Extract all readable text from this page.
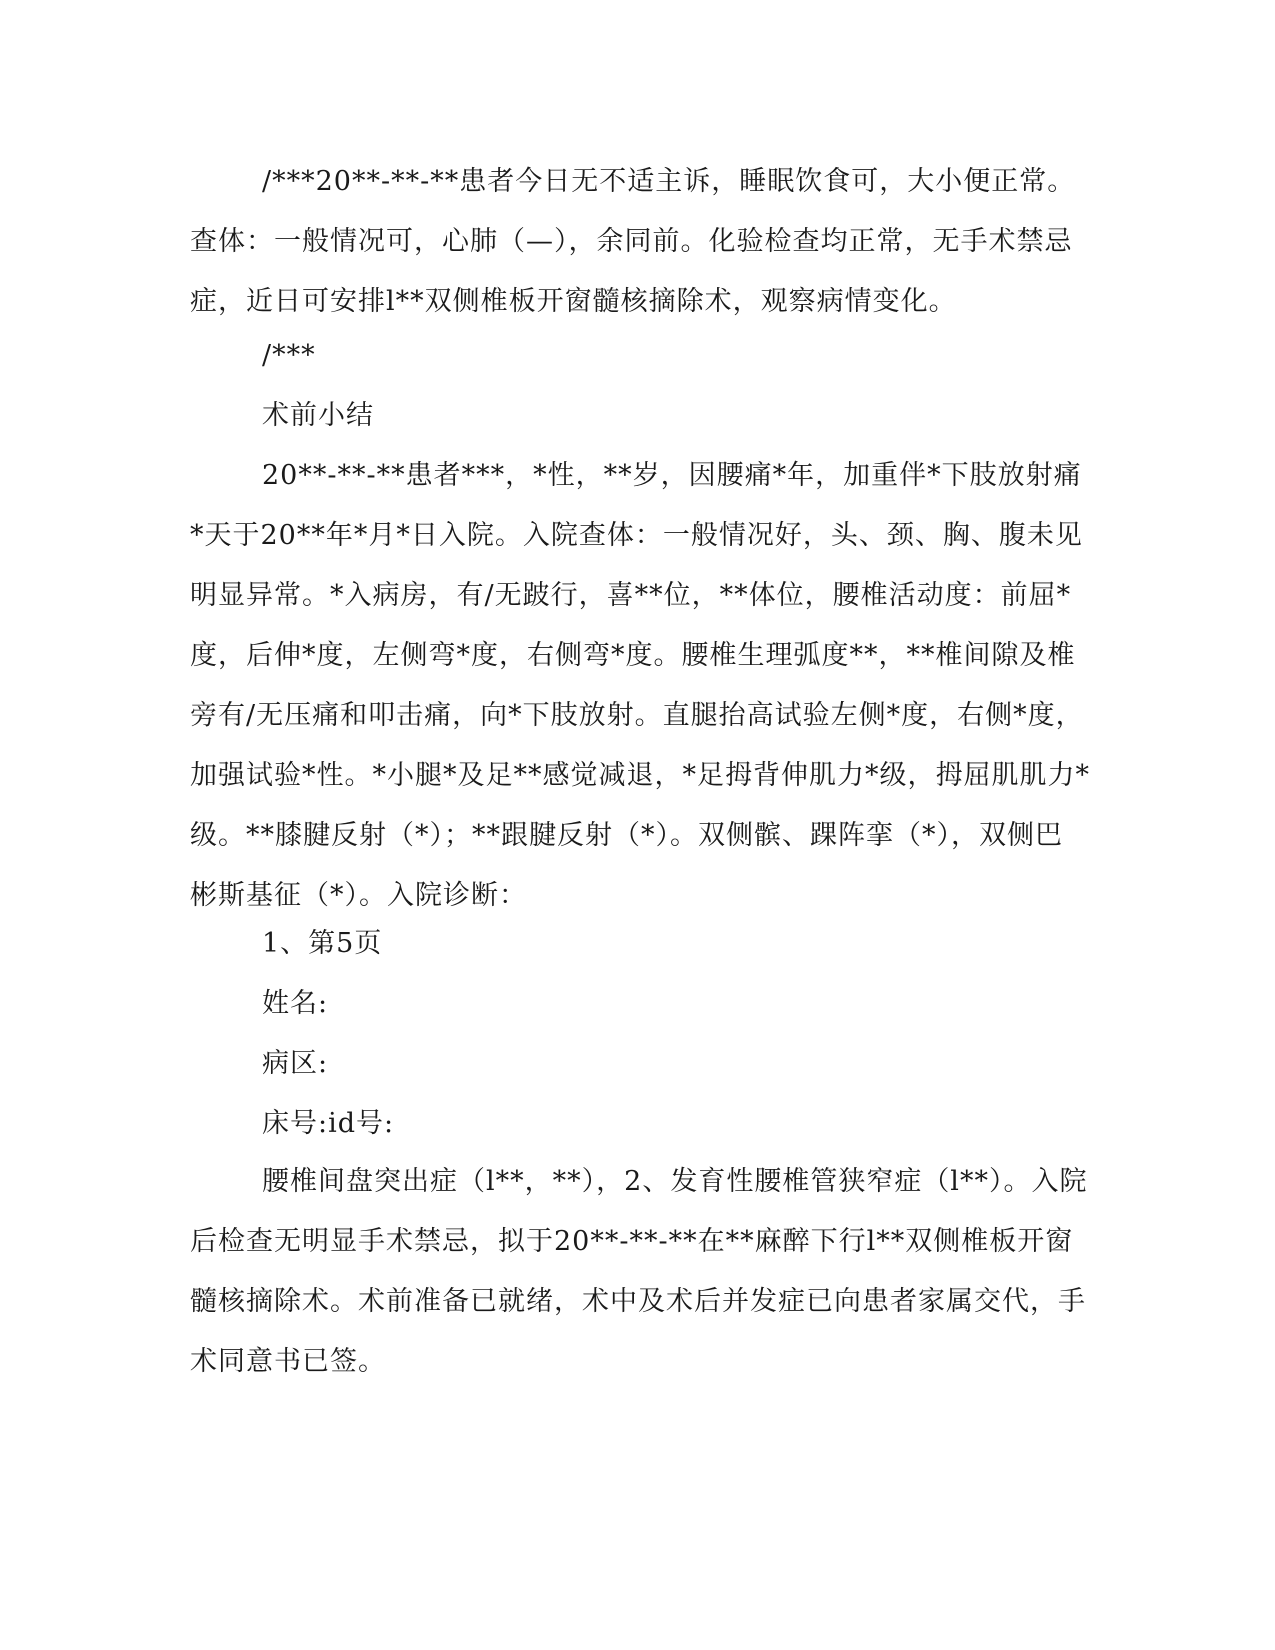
/***20**-**-**患者今日无不适主诉，睡眠饮食可，大小便正常。查体：一般情况可，心肺（—），余同前。化验检查均正常，无手术禁忌症，近日可安排l**双侧椎板开窗髓核摘除术，观察病情变化。

/***

术前小结

20**-**-**患者***，*性，**岁，因腰痛*年，加重伴*下肢放射痛*天于20**年*月*日入院。入院查体：一般情况好，头、颈、胸、腹未见明显异常。*入病房，有/无跛行，喜**位，**体位，腰椎活动度：前屈*度，后伸*度，左侧弯*度，右侧弯*度。腰椎生理弧度**，**椎间隙及椎旁有/无压痛和叩击痛，向*下肢放射。直腿抬高试验左侧*度，右侧*度，加强试验*性。*小腿*及足**感觉减退，*足拇背伸肌力*级，拇屈肌肌力*级。**膝腱反射（*）；**跟腱反射（*）。双侧髌、踝阵挛（*），双侧巴彬斯基征（*）。入院诊断：

1、第5页

姓名:

病区:

床号:id号:

腰椎间盘突出症（l**，**），2、发育性腰椎管狭窄症（l**）。入院后检查无明显手术禁忌，拟于20**-**-**在**麻醉下行l**双侧椎板开窗髓核摘除术。术前准备已就绪，术中及术后并发症已向患者家属交代，手术同意书已签。
